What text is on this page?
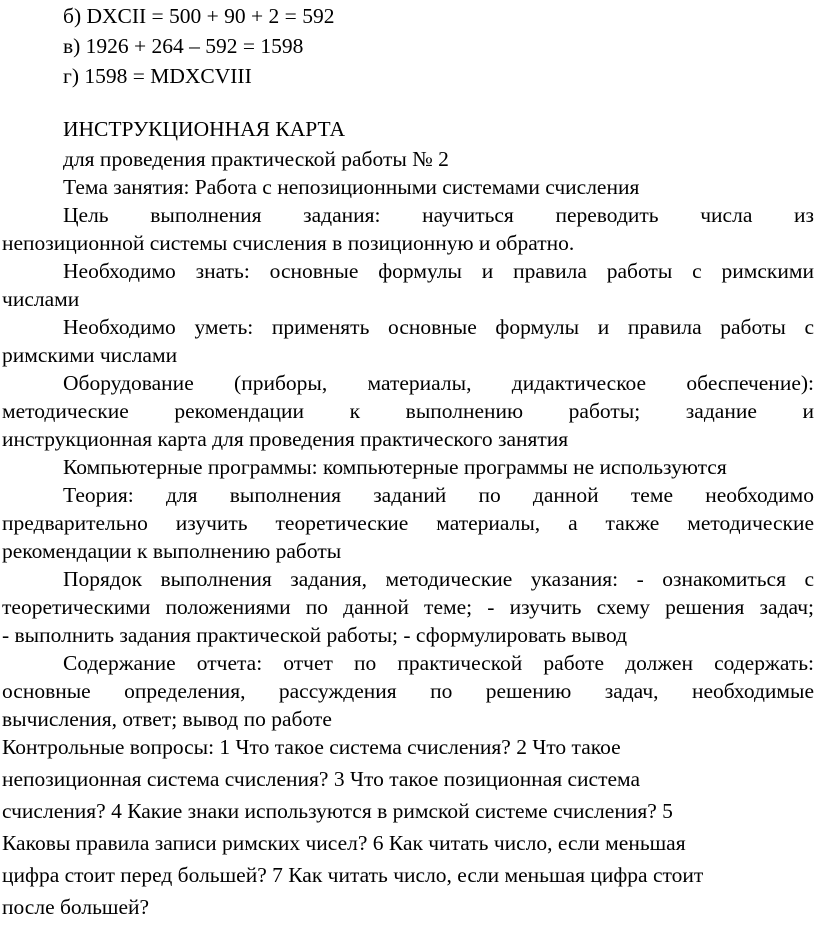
б) DXCII = 500 + 90 + 2 = 592
в) 1926 + 264 – 592 = 1598
г) 1598 = MDXCVIII
ИНСТРУКЦИОННАЯ КАРТА
для проведения практической работы № 2
Тема занятия: Работа с непозиционными системами счисления
Цель выполнения задания: научиться переводить числа из
непозиционной системы счисления в позиционную и обратно.
Необходимо знать: основные формулы и правила работы с римскими
числами
Необходимо уметь: применять основные формулы и правила работы с
римскими числами
Оборудование (приборы, материалы, дидактическое обеспечение):
методические рекомендации к выполнению работы; задание и
инструкционная карта для проведения практического занятия
Компьютерные программы: компьютерные программы не используются
Теория: для выполнения заданий по данной теме необходимо
предварительно изучить теоретические материалы, а также методические
рекомендации к выполнению работы
Порядок выполнения задания, методические указания: - ознакомиться с
теоретическими положениями по данной теме; - изучить схему решения задач;
- выполнить задания практической работы; - сформулировать вывод
Содержание отчета: отчет по практической работе должен содержать:
основные определения, рассуждения по решению задач, необходимые
вычисления, ответ; вывод по работе
Контрольные вопросы: 1 Что такое система счисления? 2 Что такое
непозиционная система счисления? 3 Что такое позиционная система
счисления? 4 Какие знаки используются в римской системе счисления? 5
Каковы правила записи римских чисел? 6 Как читать число, если меньшая
цифра стоит перед большей? 7 Как читать число, если меньшая цифра стоит
после большей?
